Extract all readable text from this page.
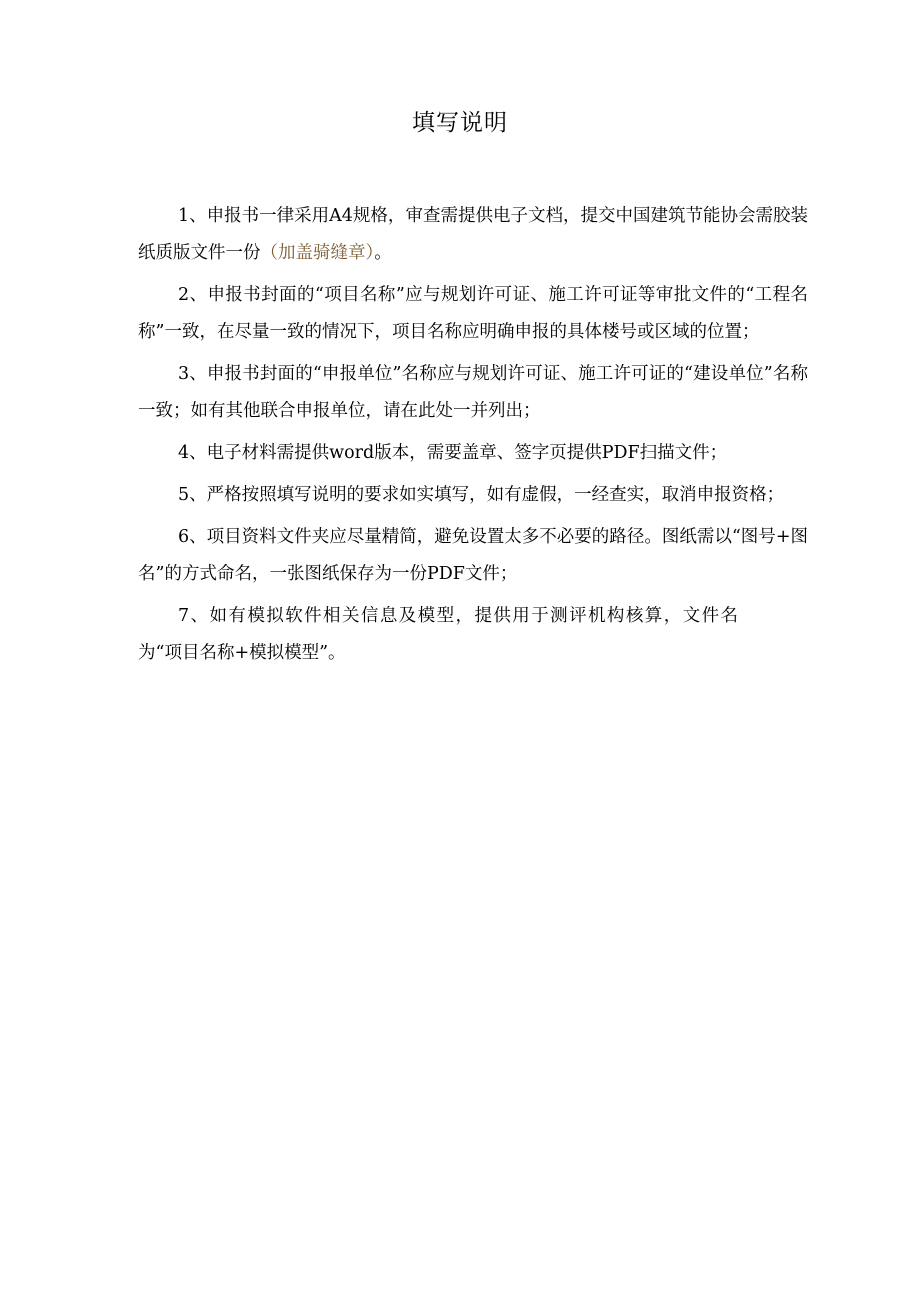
填写说明

1、申报书一律采用A4规格，审查需提供电子文档，提交中国建筑节能协会需胶装纸质版文件一份（加盖骑缝章）。

2、申报书封面的“项目名称”应与规划许可证、施工许可证等审批文件的“工程名称”一致，在尽量一致的情况下，项目名称应明确申报的具体楼号或区域的位置；

3、申报书封面的“申报单位”名称应与规划许可证、施工许可证的“建设单位”名称一致；如有其他联合申报单位，请在此处一并列出；

4、电子材料需提供word版本，需要盖章、签字页提供PDF扫描文件；

5、严格按照填写说明的要求如实填写，如有虚假，一经查实，取消申报资格；

6、项目资料文件夹应尽量精简，避免设置太多不必要的路径。图纸需以“图号+图名”的方式命名，一张图纸保存为一份PDF文件；

7、如有模拟软件相关信息及模型，提供用于测评机构核算，文件名为“项目名称+模拟模型”。
